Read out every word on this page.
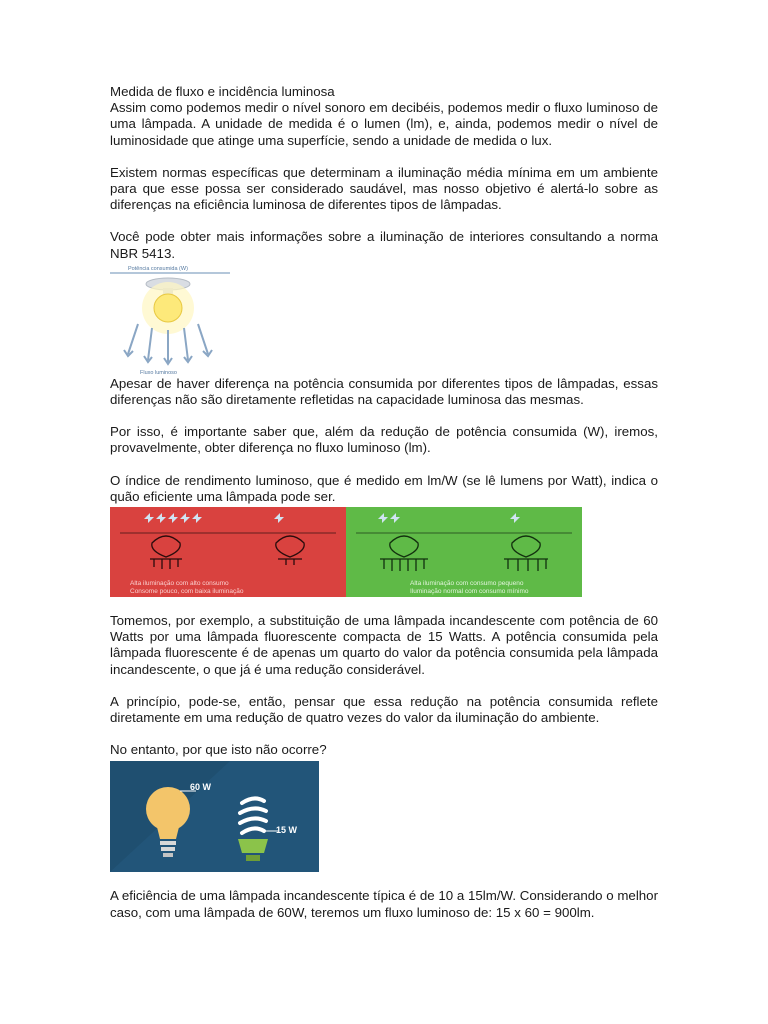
Medida de fluxo e incidência luminosa

Assim como podemos medir o nível sonoro em decibéis, podemos medir o fluxo luminoso de uma lâmpada. A unidade de medida é o lumen (lm), e, ainda, podemos medir o nível de luminosidade que atinge uma superfície, sendo a unidade de medida o lux.

Existem normas específicas que determinam a iluminação média mínima em um ambiente para que esse possa ser considerado saudável, mas nosso objetivo é alertá-lo sobre as diferenças na eficiência luminosa de diferentes tipos de lâmpadas.

Você pode obter mais informações sobre a iluminação de interiores consultando a norma NBR 5413.

Potência consumida (W)
Fluxo luminoso

Apesar de haver diferença na potência consumida por diferentes tipos de lâmpadas, essas diferenças não são diretamente refletidas na capacidade luminosa das mesmas.

Por isso, é importante saber que, além da redução de potência consumida (W), iremos, provavelmente, obter diferença no fluxo luminoso (lm).

O índice de rendimento luminoso, que é medido em lm/W (se lê lumens por Watt), indica o quão eficiente uma lâmpada pode ser.

Alta iluminação com alto consumo
Consome pouco, com baixa iluminação
Alta iluminação com consumo pequeno
Iluminação normal com consumo mínimo

Tomemos, por exemplo, a substituição de uma lâmpada incandescente com potência de 60 Watts por uma lâmpada fluorescente compacta de 15 Watts. A potência consumida pela lâmpada fluorescente é de apenas um quarto do valor da potência consumida pela lâmpada incandescente, o que já é uma redução considerável.

A princípio, pode-se, então, pensar que essa redução na potência consumida reflete diretamente em uma redução de quatro vezes do valor da iluminação do ambiente.

No entanto, por que isto não ocorre?

60 W
15 W

A eficiência de uma lâmpada incandescente típica é de 10 a 15lm/W. Considerando o melhor caso, com uma lâmpada de 60W, teremos um fluxo luminoso de: 15 x 60 = 900lm.
